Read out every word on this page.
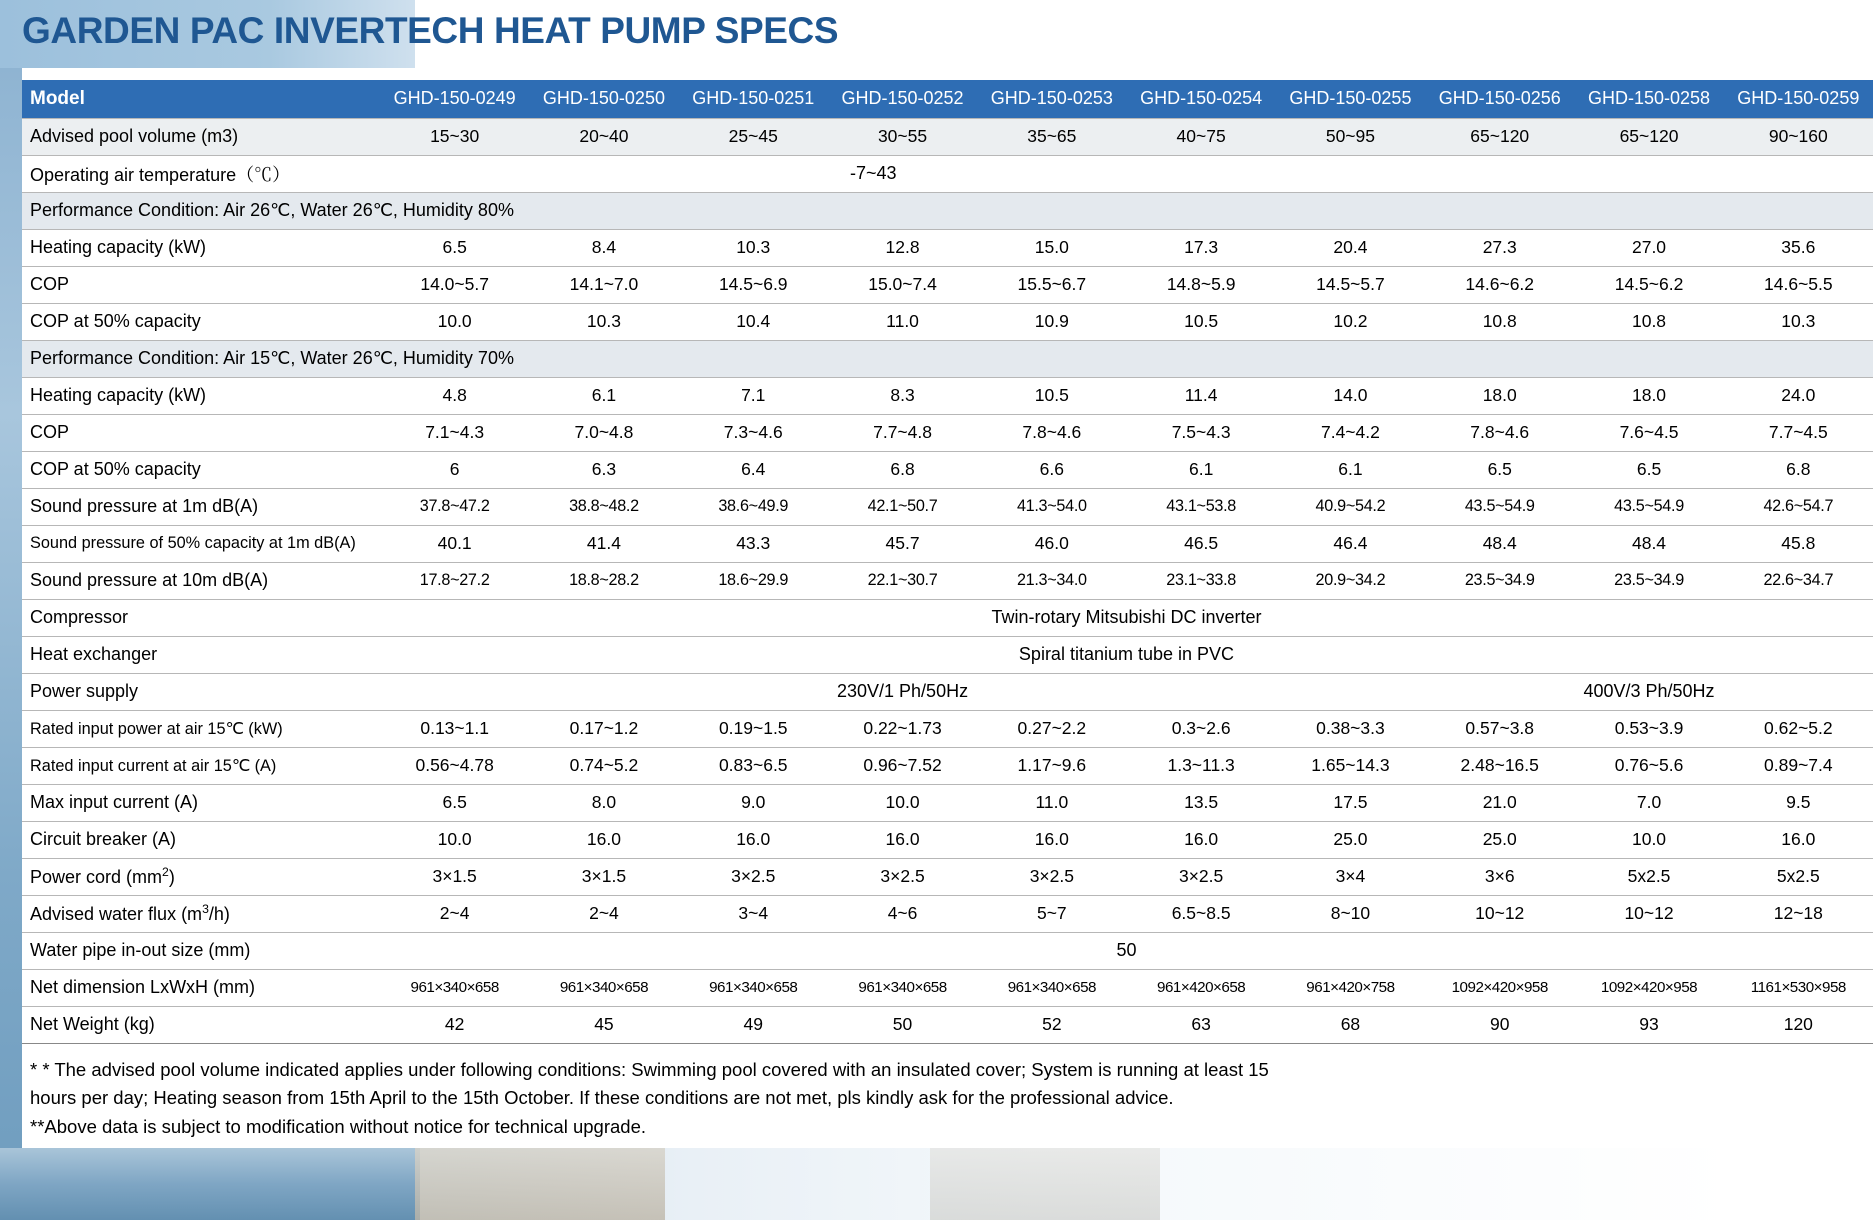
GARDEN PAC INVERTECH HEAT PUMP SPECS
Model	GHD-150-0249	GHD-150-0250	GHD-150-0251	GHD-150-0252	GHD-150-0253	GHD-150-0254	GHD-150-0255	GHD-150-0256	GHD-150-0258	GHD-150-0259
Advised pool volume (m3)	15~30	20~40	25~45	30~55	35~65	40~75	50~95	65~120	65~120	90~160
Operating air temperature（℃）	-7~43									
Performance Condition: Air 26℃, Water 26℃, Humidity 80%										
Heating capacity (kW)	6.5	8.4	10.3	12.8	15.0	17.3	20.4	27.3	27.0	35.6
COP	14.0~5.7	14.1~7.0	14.5~6.9	15.0~7.4	15.5~6.7	14.8~5.9	14.5~5.7	14.6~6.2	14.5~6.2	14.6~5.5
COP at 50% capacity	10.0	10.3	10.4	11.0	10.9	10.5	10.2	10.8	10.8	10.3
Performance Condition: Air 15℃, Water 26℃, Humidity 70%										
Heating capacity (kW)	4.8	6.1	7.1	8.3	10.5	11.4	14.0	18.0	18.0	24.0
COP	7.1~4.3	7.0~4.8	7.3~4.6	7.7~4.8	7.8~4.6	7.5~4.3	7.4~4.2	7.8~4.6	7.6~4.5	7.7~4.5
COP at 50% capacity	6	6.3	6.4	6.8	6.6	6.1	6.1	6.5	6.5	6.8
Sound pressure at 1m dB(A)	37.8~47.2	38.8~48.2	38.6~49.9	42.1~50.7	41.3~54.0	43.1~53.8	40.9~54.2	43.5~54.9	43.5~54.9	42.6~54.7
Sound pressure of 50% capacity at 1m dB(A)	40.1	41.4	43.3	45.7	46.0	46.5	46.4	48.4	48.4	45.8
Sound pressure at 10m dB(A)	17.8~27.2	18.8~28.2	18.6~29.9	22.1~30.7	21.3~34.0	23.1~33.8	20.9~34.2	23.5~34.9	23.5~34.9	22.6~34.7
Compressor	Twin-rotary Mitsubishi DC inverter									
Heat exchanger	Spiral titanium tube in PVC									
Power supply	230V/1 Ph/50Hz							400V/3 Ph/50Hz		
Rated input power at air 15℃ (kW)	0.13~1.1	0.17~1.2	0.19~1.5	0.22~1.73	0.27~2.2	0.3~2.6	0.38~3.3	0.57~3.8	0.53~3.9	0.62~5.2
Rated input current at air 15℃ (A)	0.56~4.78	0.74~5.2	0.83~6.5	0.96~7.52	1.17~9.6	1.3~11.3	1.65~14.3	2.48~16.5	0.76~5.6	0.89~7.4
Max input current (A)	6.5	8.0	9.0	10.0	11.0	13.5	17.5	21.0	7.0	9.5
Circuit breaker (A)	10.0	16.0	16.0	16.0	16.0	16.0	25.0	25.0	10.0	16.0
Power cord $(mm^2)$	3×1.5	3×1.5	3×2.5	3×2.5	3×2.5	3×2.5	3×4	3×6	5x2.5	5x2.5
Advised water flux $(m^3/h)$	2~4	2~4	3~4	4~6	5~7	6.5~8.5	8~10	10~12	10~12	12~18
Water pipe in-out size (mm)	50									
Net dimension LxWxH (mm)	961×340×658	961×340×658	961×340×658	961×340×658	961×340×658	961×420×658	961×420×758	1092×420×958	1092×420×958	1161×530×958
Net Weight (kg)	42	45	49	50	52	63	68	90	93	120

* * The advised pool volume indicated applies under following conditions: Swimming pool covered with an insulated cover; System is running at least 15

hours per day; Heating season from 15th April to the 15th October. If these conditions are not met, pls kindly ask for the professional advice.

**Above data is subject to modification without notice for technical upgrade.
